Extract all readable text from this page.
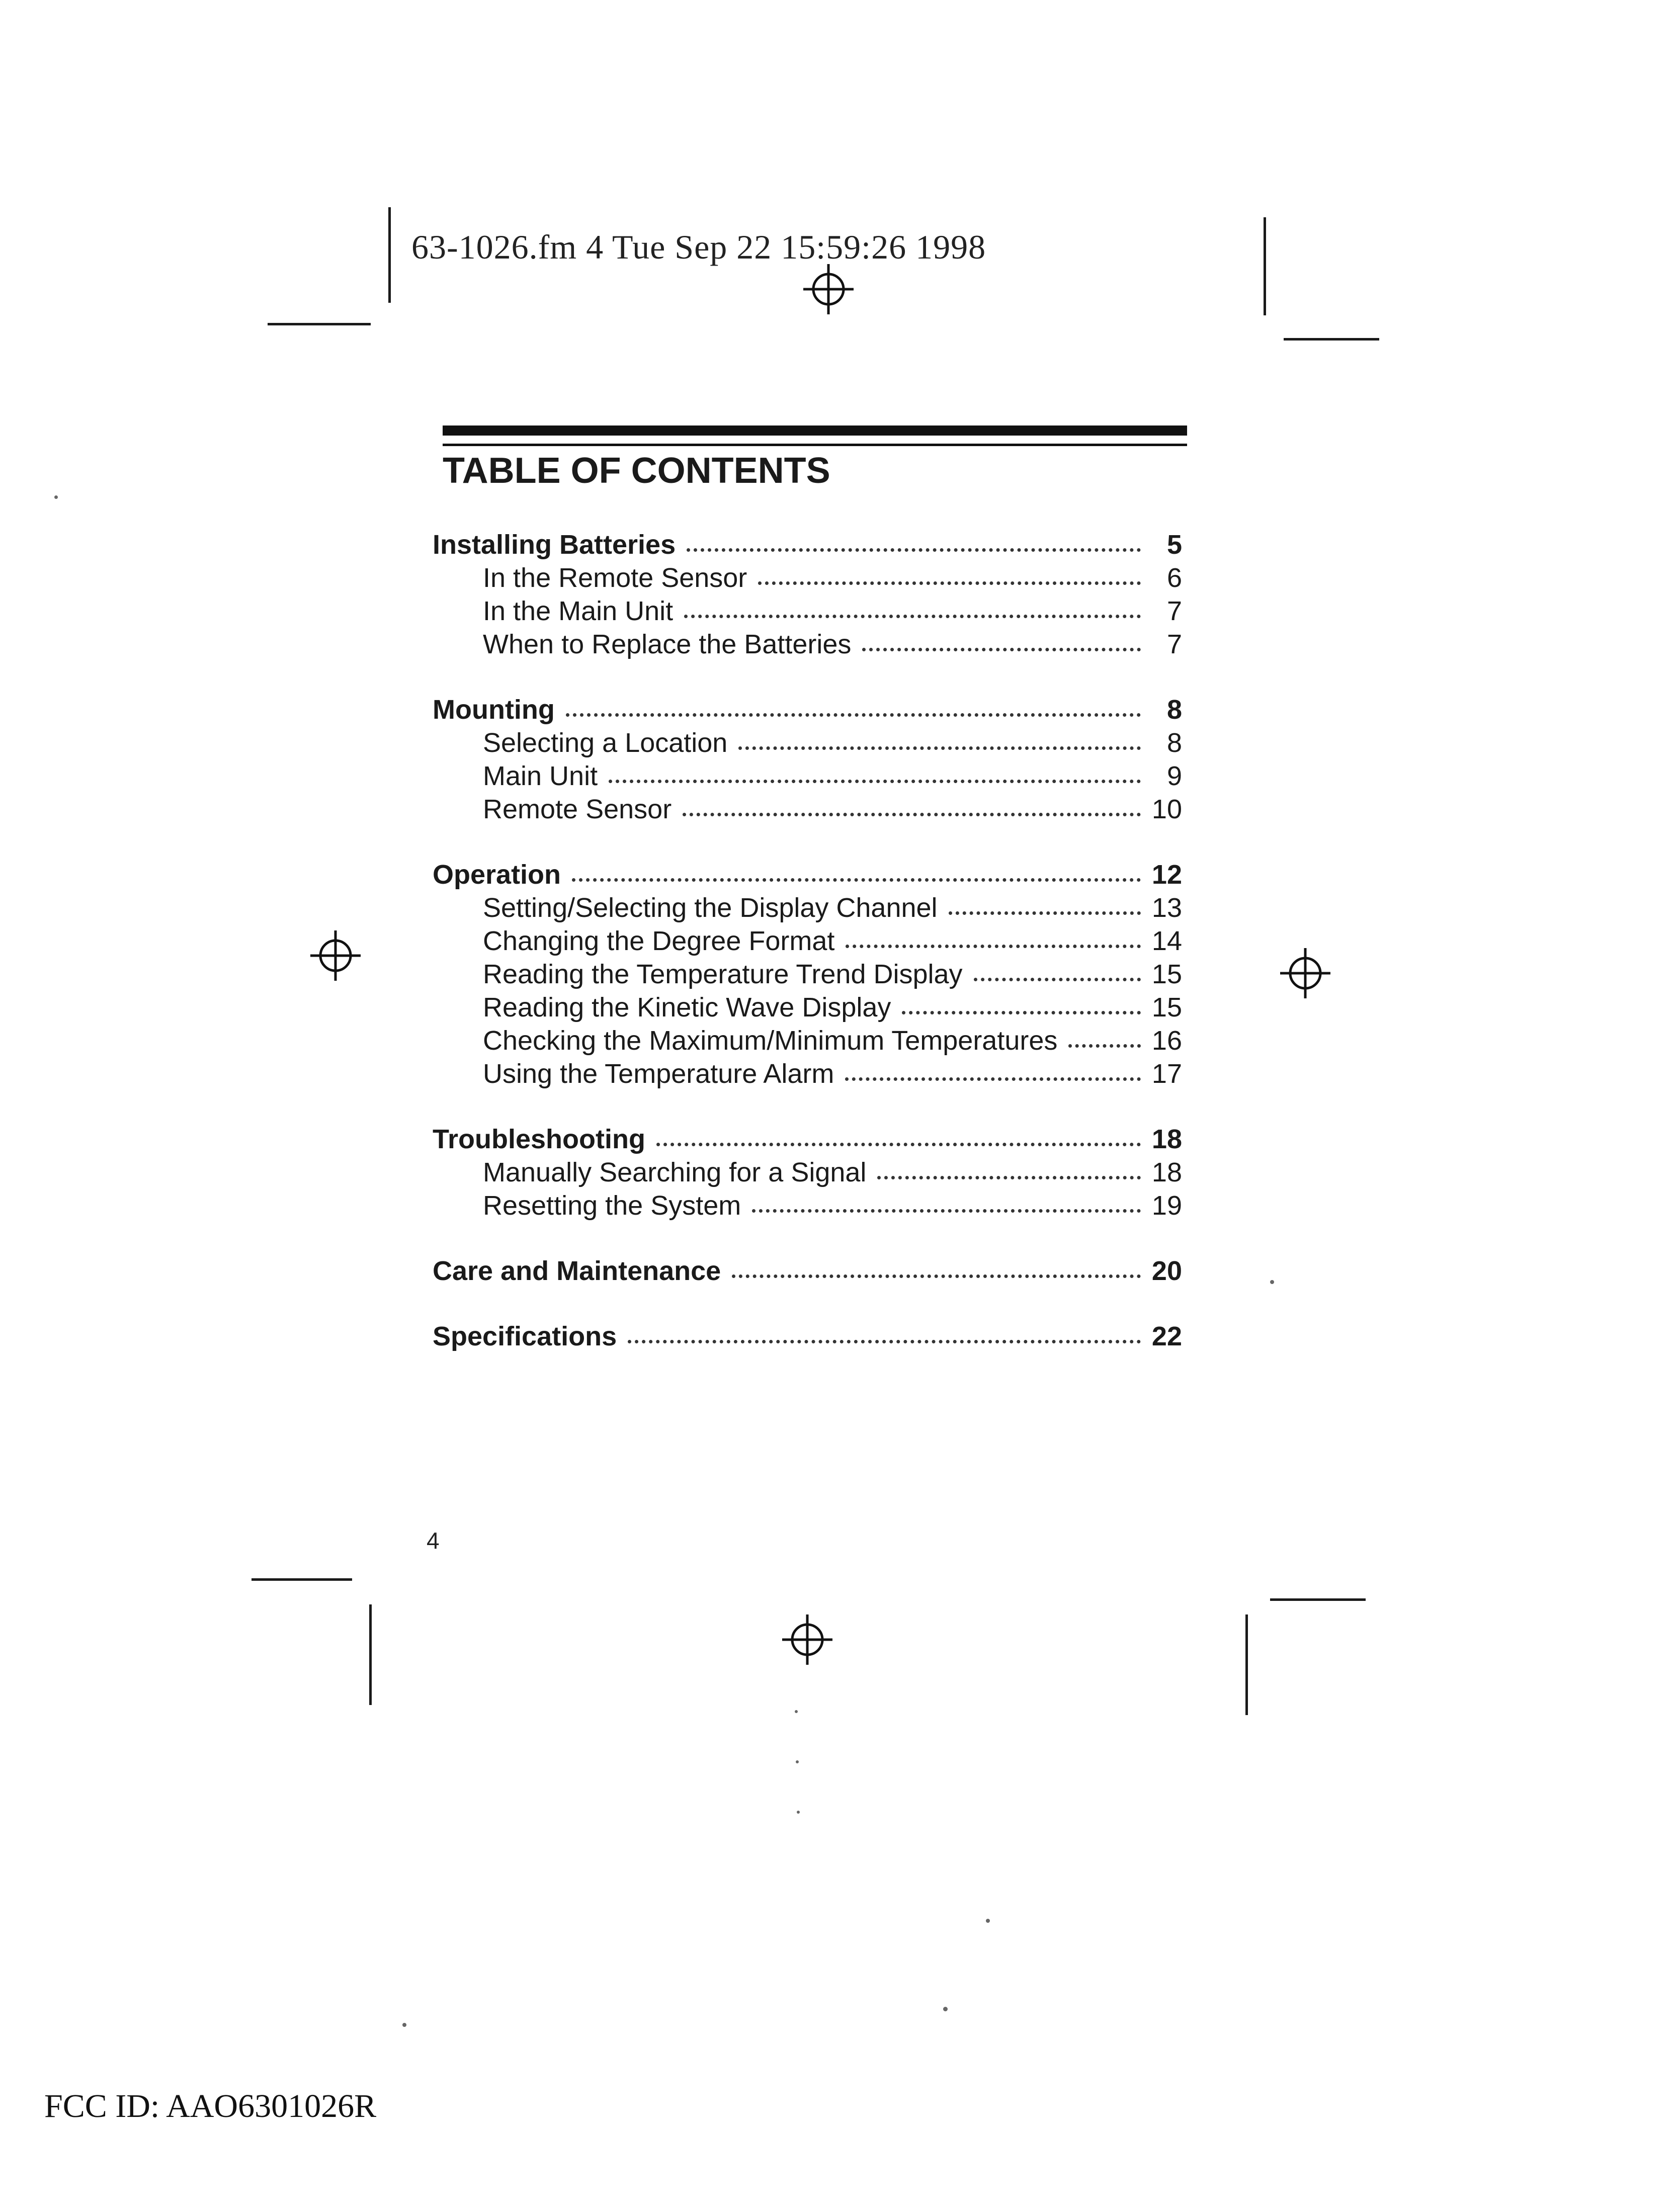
63-1026.fm 4 Tue Sep 22 15:59:26 1998
TABLE OF CONTENTS
Installing Batteries	5
In the Remote Sensor	6
In the Main Unit	7
When to Replace the Batteries	7
Mounting	8
Selecting a Location	8
Main Unit	9
Remote Sensor	10
Operation	12
Setting/Selecting the Display Channel	13
Changing the Degree Format	14
Reading the Temperature Trend Display	15
Reading the Kinetic Wave Display	15
Checking the Maximum/Minimum Temperatures	16
Using the Temperature Alarm	17
Troubleshooting	18
Manually Searching for a Signal	18
Resetting the System	19
Care and Maintenance	20
Specifications	22
4
FCC ID: AAO6301026R
